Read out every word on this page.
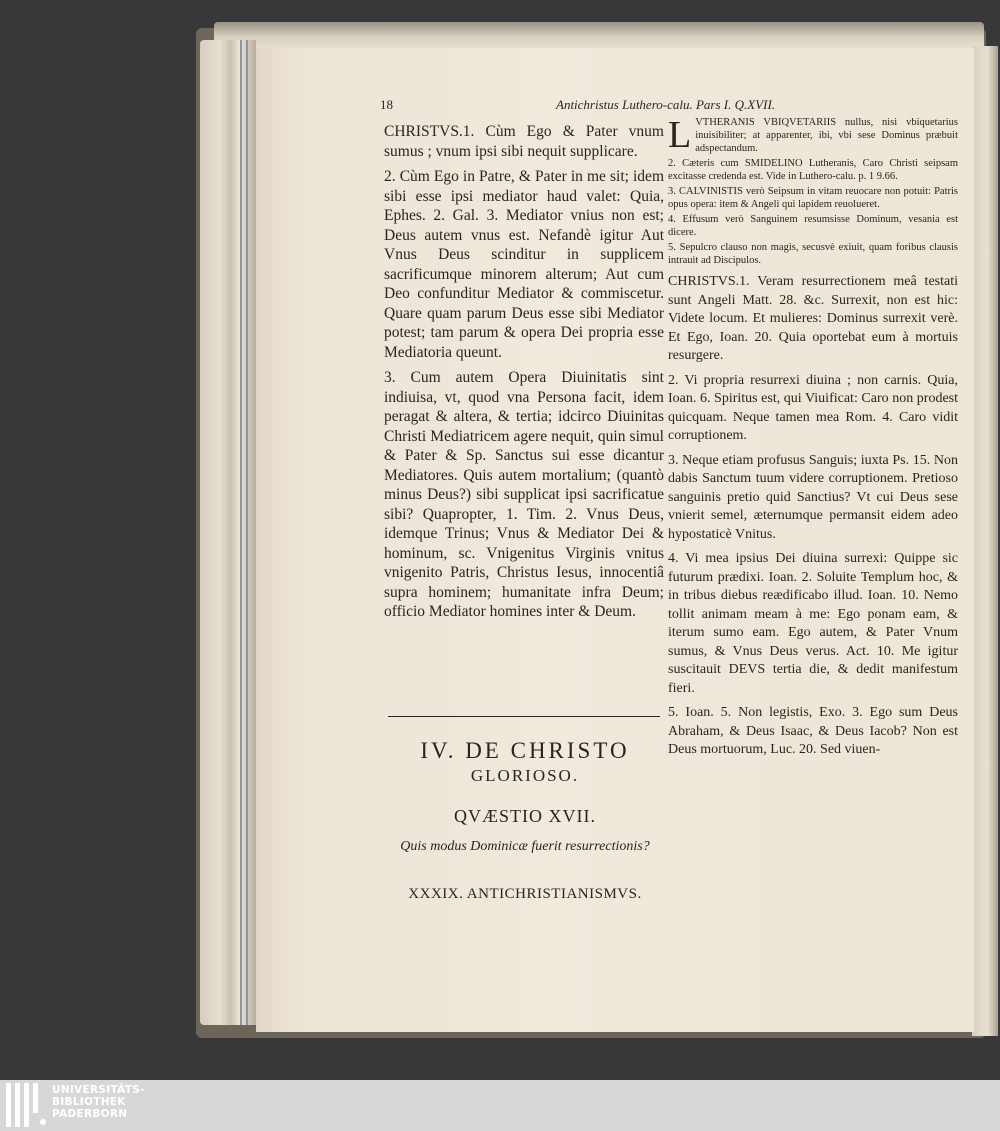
18	Antichristus Luthero-calu. Pars I. Q.XVII.

CHRISTVS.1. Cùm Ego & Pater vnum sumus ; vnum ipsi sibi nequit supplicare.

2. Cùm Ego in Patre, & Pater in me sit; idem sibi esse ipsi mediator haud valet: Quia, Ephes. 2. Gal. 3. Mediator vnius non est; Deus autem vnus est. Nefandè igitur Aut Vnus Deus scinditur in supplicem sacrificumque minorem alterum; Aut cum Deo confunditur Mediator & commiscetur. Quare quam parum Deus esse sibi Mediator potest; tam parum & opera Dei propria esse Mediatoria queunt.

3. Cum autem Opera Diuinitatis sint indiuisa, vt, quod vna Persona facit, idem peragat & altera, & tertia; idcirco Diuinitas Christi Mediatricem agere nequit, quin simul & Pater & Sp. Sanctus sui esse dicantur Mediatores. Quis autem mortalium; (quantò minus Deus?) sibi supplicat ipsi sacrificatue sibi? Quapropter, 1. Tim. 2. Vnus Deus, idemque Trinus; Vnus & Mediator Dei & hominum, sc. Vnigenitus Virginis vnitus vnigenito Patris, Christus Iesus, innocentiâ supra hominem; humanitate infra Deum; officio Mediator homines inter & Deum.

IV. DE CHRISTO
GLORIOSO.
QVÆSTIO XVII.
Quis modus Dominicæ fuerit resurrectionis?
XXXIX. ANTICHRISTIANISMVS.
L VTHERANIS VBIQVETARIIS nullus, nisi vbiquetarius inuisibiliter; at apparenter, ibi, vbi sese Dominus præbuit adspectandum.

2. Cæteris cum SMIDELINO Lutheranis, Caro Christi seipsam excitasse credenda est. Vide in Luthero-calu. p. 1 9.66.

3. CALVINISTIS verò Seipsum in vitam reuocare non potuit: Patris opus opera: item & Angeli qui lapidem reuolueret.

4. Effusum verò Sanguinem resumsisse Dominum, vesania est dicere.

5. Sepulcro clauso non magis, secusvè exiuit, quam foribus clausis intrauit ad Discipulos.

CHRISTVS.1. Veram resurrectionem meâ testati sunt Angeli Matt. 28. &c. Surrexit, non est hic: Videte locum. Et mulieres: Dominus surrexit verè. Et Ego, Ioan. 20. Quia oportebat eum à mortuis resurgere.

2. Vi propria resurrexi diuina ; non carnis. Quia, Ioan. 6. Spiritus est, qui Viuificat: Caro non prodest quicquam. Neque tamen mea Rom. 4. Caro vidit corruptionem.

3. Neque etiam profusus Sanguis; iuxta Ps. 15. Non dabis Sanctum tuum videre corruptionem. Pretioso sanguinis pretio quid Sanctius? Vt cui Deus sese vnierit semel, æternumque permansit eidem adeo hypostaticè Vnitus.

4. Vi mea ipsius Dei diuina surrexi: Quippe sic futurum prædixi. Ioan. 2. Soluite Templum hoc, & in tribus diebus reædificabo illud. Ioan. 10. Nemo tollit animam meam à me: Ego ponam eam, & iterum sumo eam. Ego autem, & Pater Vnum sumus, & Vnus Deus verus. Act. 10. Me igitur suscitauit DEVS tertia die, & dedit manifestum fieri.

5. Ioan. 5. Non legistis, Exo. 3. Ego sum Deus Abraham, & Deus Isaac, & Deus Iacob? Non est Deus mortuorum, Luc. 20. Sed viuen-

UNIVERSITÄTS-
BIBLIOTHEK
PADERBORN
